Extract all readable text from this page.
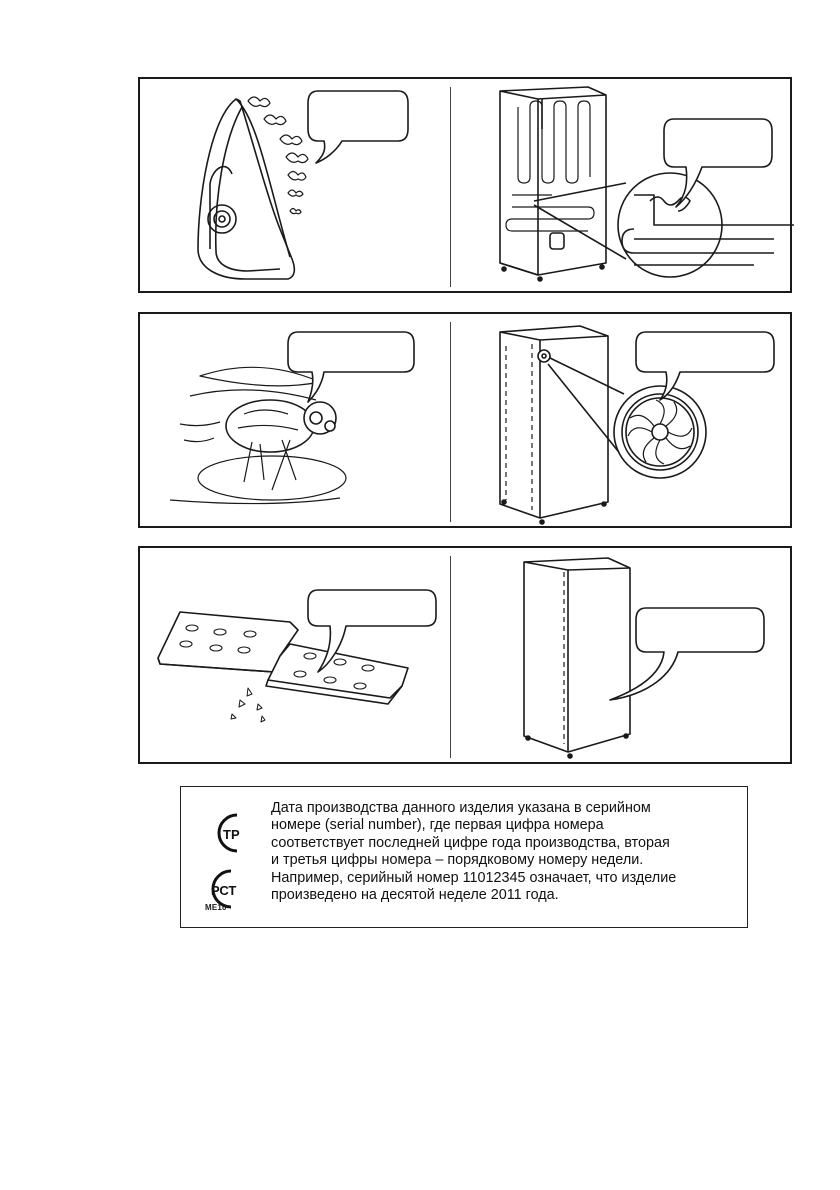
ТР
РСТ
ME10

Дата производства данного изделия указана в серийном
номере (serial number), где первая цифра номера
соответствует последней цифре года производства, вторая
и третья цифры номера – порядковому номеру недели.
Например, серийный номер 11012345 означает, что изделие
произведено на десятой неделе 2011 года.
